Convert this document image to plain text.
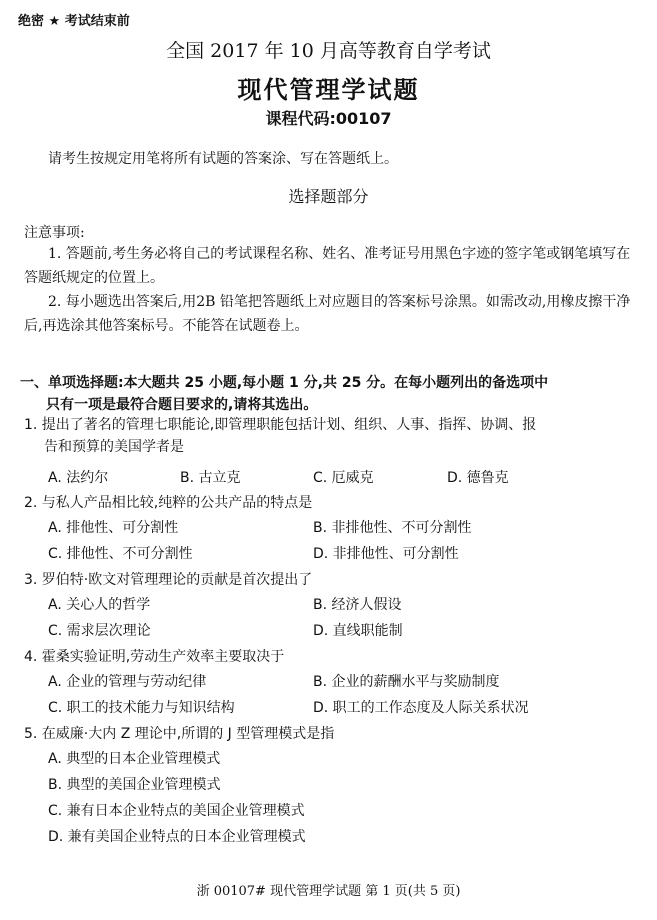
绝密 ★ 考试结束前
全国 2017 年 10 月高等教育自学考试
现代管理学试题
课程代码:00107
请考生按规定用笔将所有试题的答案涂、写在答题纸上。
选择题部分
注意事项:
1. 答题前,考生务必将自己的考试课程名称、姓名、准考证号用黑色字迹的签字笔或钢笔填写在答题纸规定的位置上。
2. 每小题选出答案后,用2B 铅笔把答题纸上对应题目的答案标号涂黑。如需改动,用橡皮擦干净后,再选涂其他答案标号。不能答在试题卷上。
一、单项选择题:本大题共 25 小题,每小题 1 分,共 25 分。在每小题列出的备选项中
只有一项是最符合题目要求的,请将其选出。
1. 提出了著名的管理七职能论,即管理职能包括计划、组织、人事、指挥、协调、报
告和预算的美国学者是
A. 法约尔	B. 古立克	C. 厄威克	D. 德鲁克
2. 与私人产品相比较,纯粹的公共产品的特点是
A. 排他性、可分割性	B. 非排他性、不可分割性
C. 排他性、不可分割性	D. 非排他性、可分割性
3. 罗伯特·欧文对管理理论的贡献是首次提出了
A. 关心人的哲学	B. 经济人假设
C. 需求层次理论	D. 直线职能制
4. 霍桑实验证明,劳动生产效率主要取决于
A. 企业的管理与劳动纪律	B. 企业的薪酬水平与奖励制度
C. 职工的技术能力与知识结构	D. 职工的工作态度及人际关系状况
5. 在威廉·大内 Z 理论中,所谓的 J 型管理模式是指
A. 典型的日本企业管理模式
B. 典型的美国企业管理模式
C. 兼有日本企业特点的美国企业管理模式
D. 兼有美国企业特点的日本企业管理模式
浙 00107# 现代管理学试题 第 1 页(共 5 页)
